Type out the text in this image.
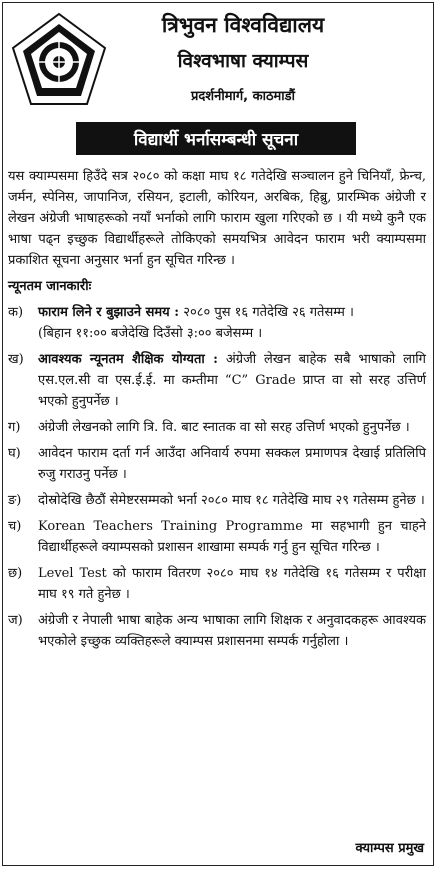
त्रिभुवन विश्वविद्यालय
विश्वभाषा क्याम्पस
प्रदर्शनीमार्ग, काठमाडौं
विद्यार्थी भर्नासम्बन्धी सूचना

यस क्याम्पसमा हिउँदे सत्र २०८० को कक्षा माघ १८ गतेदेखि सञ्चालन हुने चिनियाँ, फ्रेन्च, जर्मन, स्पेनिस, जापानिज, रसियन, इटाली, कोरियन, अरबिक, हिब्रु, प्रारम्भिक अंग्रेजी र लेखन अंग्रेजी भाषाहरूको नयाँ भर्नाको लागि फाराम खुला गरिएको छ । यी मध्ये कुनै एक भाषा पढ्न इच्छुक विद्यार्थीहरूले तोकिएको समयभित्र आवेदन फाराम भरी क्याम्पसमा प्रकाशित सूचना अनुसार भर्ना हुन सूचित गरिन्छ ।

न्यूनतम जानकारीः
क)	फाराम लिने र बुझाउने समय : २०८० पुस १६ गतेदेखि २६ गतेसम्म ।
(बिहान ११:०० बजेदेखि दिउँसो ३:०० बजेसम्म ।
ख)	आवश्यक न्यूनतम शैक्षिक योग्यता : अंग्रेजी लेखन बाहेक सबै भाषाको लागि एस.एल.सी वा एस.ई.ई. मा कम्तीमा “C” Grade प्राप्त वा सो सरह उत्तिर्ण भएको हुनुपर्नेछ ।
ग)	अंग्रेजी लेखनको लागि त्रि. वि. बाट स्नातक वा सो सरह उत्तिर्ण भएको हुनुपर्नेछ ।
घ)	आवेदन फाराम दर्ता गर्न आउँदा अनिवार्य रुपमा सक्कल प्रमाणपत्र देखाई प्रतिलिपि रुजु गराउनु पर्नेछ ।
ङ)	दोस्रोदेखि छैठौं सेमेष्टरसम्मको भर्ना २०८० माघ १८ गतेदेखि माघ २९ गतेसम्म हुनेछ ।
च)	Korean Teachers Training Programme मा सहभागी हुन चाहने विद्यार्थीहरूले क्याम्पसको प्रशासन शाखामा सम्पर्क गर्नु हुन सूचित गरिन्छ ।
छ)	Level Test को फाराम वितरण २०८० माघ १४ गतेदेखि १६ गतेसम्म र परीक्षा माघ १९ गते हुनेछ ।
ज)	अंग्रेजी र नेपाली भाषा बाहेक अन्य भाषाका लागि शिक्षक र अनुवादकहरू आवश्यक भएकोले इच्छुक व्यक्तिहरूले क्याम्पस प्रशासनमा सम्पर्क गर्नुहोला ।
क्याम्पस प्रमुख
